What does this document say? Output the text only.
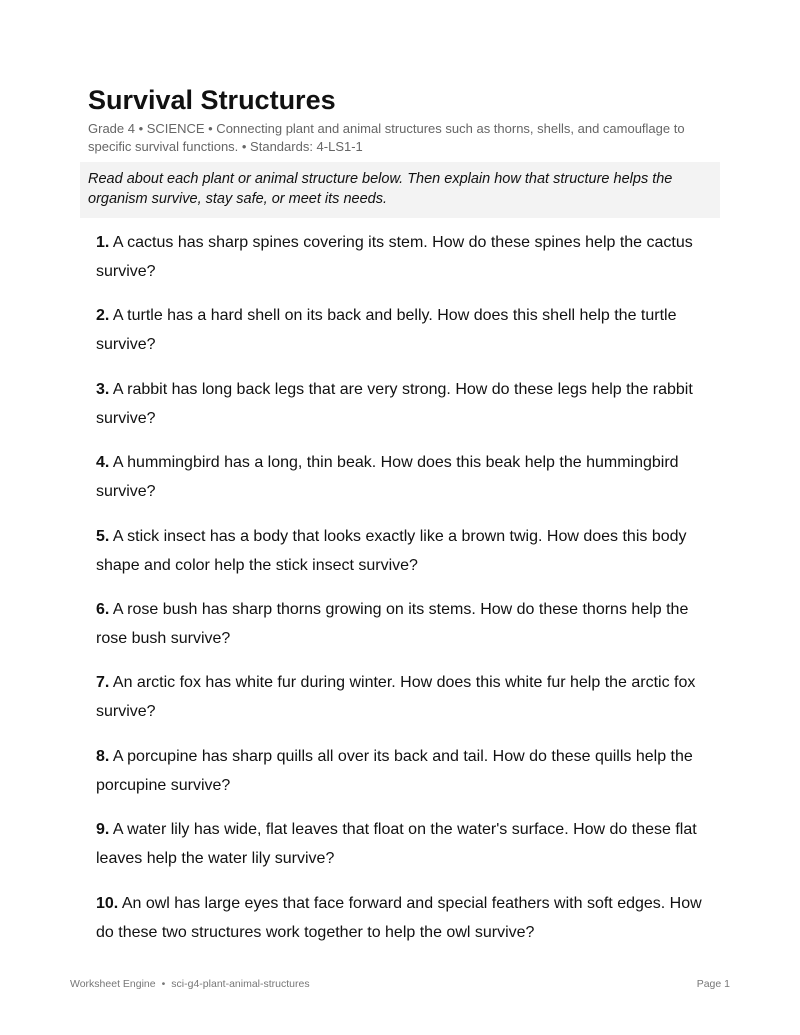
Survival Structures
Grade 4 • SCIENCE • Connecting plant and animal structures such as thorns, shells, and camouflage to specific survival functions. • Standards: 4-LS1-1
Read about each plant or animal structure below. Then explain how that structure helps the organism survive, stay safe, or meet its needs.
1. A cactus has sharp spines covering its stem. How do these spines help the cactus survive?
2. A turtle has a hard shell on its back and belly. How does this shell help the turtle survive?
3. A rabbit has long back legs that are very strong. How do these legs help the rabbit survive?
4. A hummingbird has a long, thin beak. How does this beak help the hummingbird survive?
5. A stick insect has a body that looks exactly like a brown twig. How does this body shape and color help the stick insect survive?
6. A rose bush has sharp thorns growing on its stems. How do these thorns help the rose bush survive?
7. An arctic fox has white fur during winter. How does this white fur help the arctic fox survive?
8. A porcupine has sharp quills all over its back and tail. How do these quills help the porcupine survive?
9. A water lily has wide, flat leaves that float on the water's surface. How do these flat leaves help the water lily survive?
10. An owl has large eyes that face forward and special feathers with soft edges. How do these two structures work together to help the owl survive?
Worksheet Engine • sci-g4-plant-animal-structures	Page 1
